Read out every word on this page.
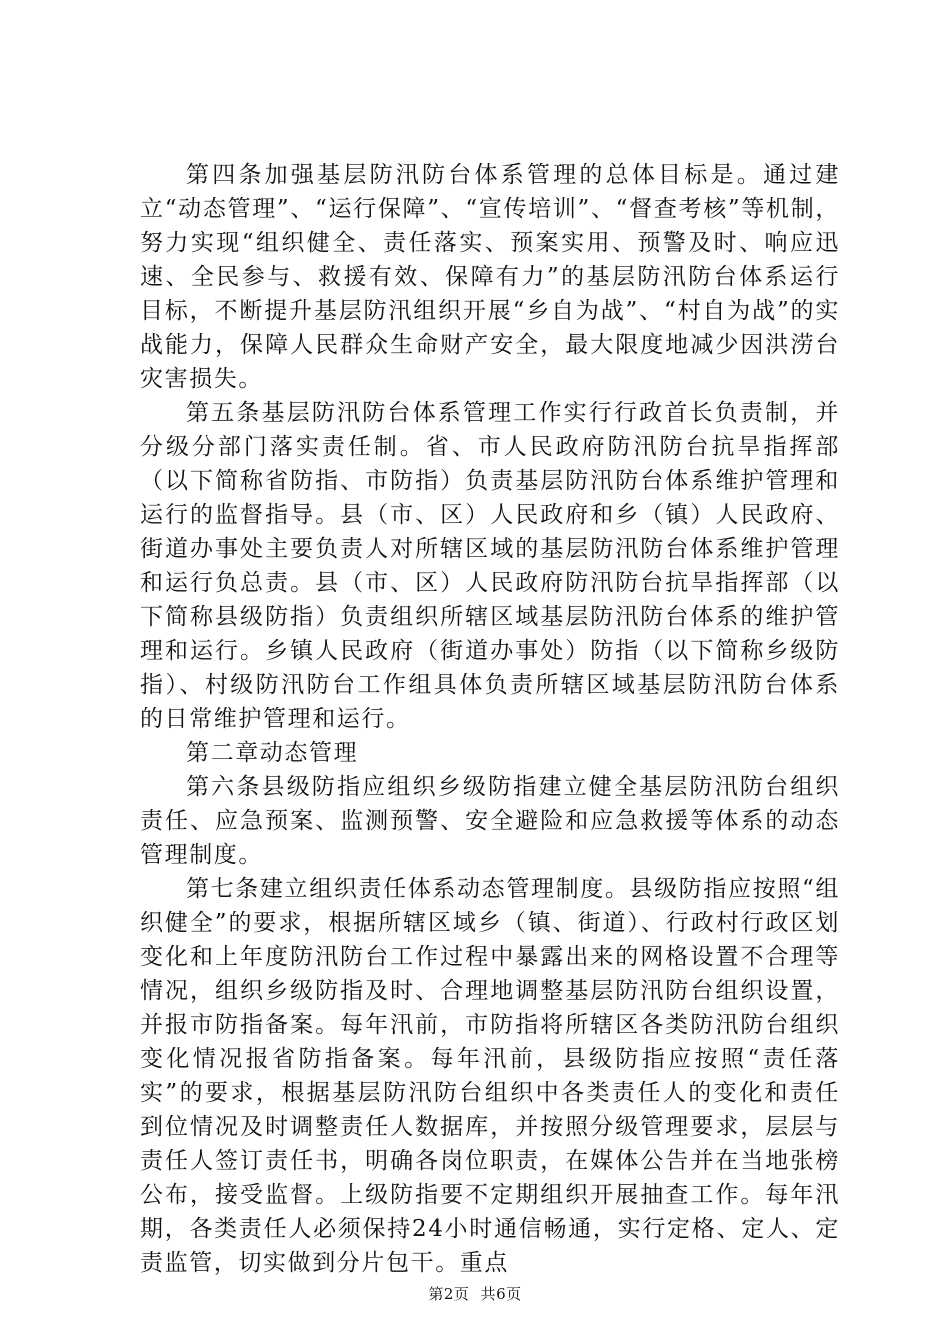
第四条加强基层防汛防台体系管理的总体目标是。通过建立“动态管理”、“运行保障”、“宣传培训”、“督查考核”等机制，努力实现“组织健全、责任落实、预案实用、预警及时、响应迅速、全民参与、救援有效、保障有力”的基层防汛防台体系运行目标，不断提升基层防汛组织开展“乡自为战”、“村自为战”的实战能力，保障人民群众生命财产安全，最大限度地减少因洪涝台灾害损失。

第五条基层防汛防台体系管理工作实行行政首长负责制，并分级分部门落实责任制。省、市人民政府防汛防台抗旱指挥部（以下简称省防指、市防指）负责基层防汛防台体系维护管理和运行的监督指导。县（市、区）人民政府和乡（镇）人民政府、街道办事处主要负责人对所辖区域的基层防汛防台体系维护管理和运行负总责。县（市、区）人民政府防汛防台抗旱指挥部（以下简称县级防指）负责组织所辖区域基层防汛防台体系的维护管理和运行。乡镇人民政府（街道办事处）防指（以下简称乡级防指）、村级防汛防台工作组具体负责所辖区域基层防汛防台体系的日常维护管理和运行。

第二章动态管理

第六条县级防指应组织乡级防指建立健全基层防汛防台组织责任、应急预案、监测预警、安全避险和应急救援等体系的动态管理制度。

第七条建立组织责任体系动态管理制度。县级防指应按照“组织健全”的要求，根据所辖区域乡（镇、街道）、行政村行政区划变化和上年度防汛防台工作过程中暴露出来的网格设置不合理等情况，组织乡级防指及时、合理地调整基层防汛防台组织设置，并报市防指备案。每年汛前，市防指将所辖区各类防汛防台组织变化情况报省防指备案。每年汛前，县级防指应按照“责任落实”的要求，根据基层防汛防台组织中各类责任人的变化和责任到位情况及时调整责任人数据库，并按照分级管理要求，层层与责任人签订责任书，明确各岗位职责，在媒体公告并在当地张榜公布，接受监督。上级防指要不定期组织开展抽查工作。每年汛期，各类责任人必须保持24小时通信畅通，实行定格、定人、定责监管，切实做到分片包干。重点

第2页 共6页
